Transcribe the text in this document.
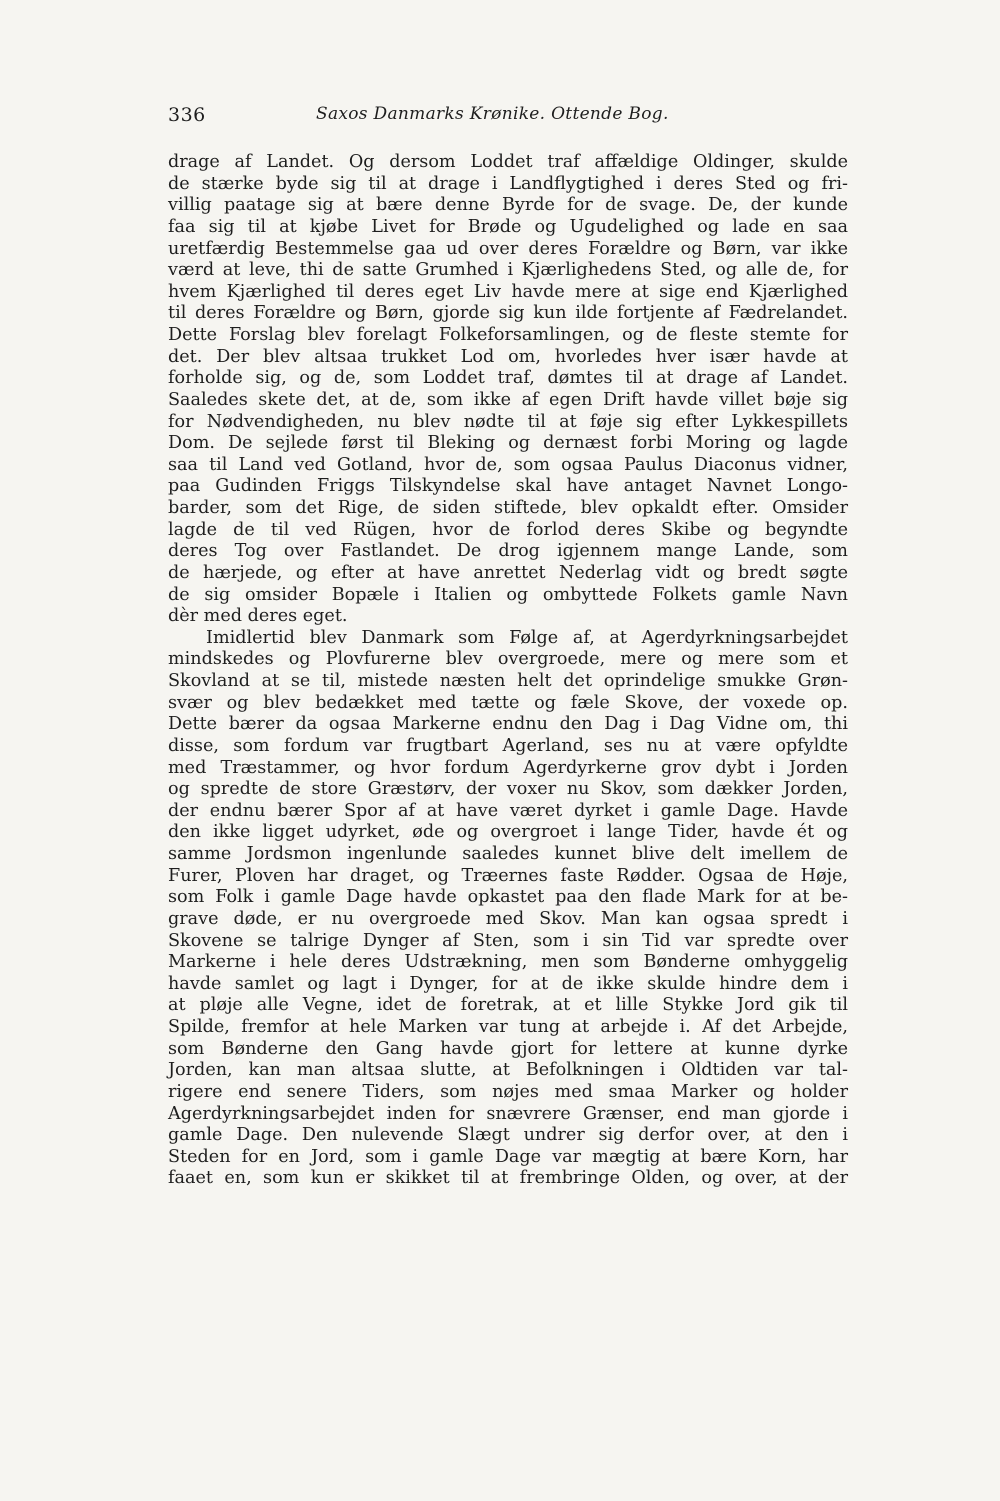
336	Saxos Danmarks Krønike. Ottende Bog.
drage af Landet. Og dersom Loddet traf affældige Oldinger, skulde
de stærke byde sig til at drage i Landflygtighed i deres Sted og fri-
villig paatage sig at bære denne Byrde for de svage. De, der kunde
faa sig til at kjøbe Livet for Brøde og Ugudelighed og lade en saa
uretfærdig Bestemmelse gaa ud over deres Forældre og Børn, var ikke
værd at leve, thi de satte Grumhed i Kjærlighedens Sted, og alle de, for
hvem Kjærlighed til deres eget Liv havde mere at sige end Kjærlighed
til deres Forældre og Børn, gjorde sig kun ilde fortjente af Fædrelandet.
Dette Forslag blev forelagt Folkeforsamlingen, og de fleste stemte for
det. Der blev altsaa trukket Lod om, hvorledes hver især havde at
forholde sig, og de, som Loddet traf, dømtes til at drage af Landet.
Saaledes skete det, at de, som ikke af egen Drift havde villet bøje sig
for Nødvendigheden, nu blev nødte til at føje sig efter Lykkespillets
Dom. De sejlede først til Bleking og dernæst forbi Moring og lagde
saa til Land ved Gotland, hvor de, som ogsaa Paulus Diaconus vidner,
paa Gudinden Friggs Tilskyndelse skal have antaget Navnet Longo-
barder, som det Rige, de siden stiftede, blev opkaldt efter. Omsider
lagde de til ved Rügen, hvor de forlod deres Skibe og begyndte
deres Tog over Fastlandet. De drog igjennem mange Lande, som
de hærjede, og efter at have anrettet Nederlag vidt og bredt søgte
de sig omsider Bopæle i Italien og ombyttede Folkets gamle Navn
dèr med deres eget.
Imidlertid blev Danmark som Følge af, at Agerdyrkningsarbejdet
mindskedes og Plovfurerne blev overgroede, mere og mere som et
Skovland at se til, mistede næsten helt det oprindelige smukke Grøn-
svær og blev bedækket med tætte og fæle Skove, der voxede op.
Dette bærer da ogsaa Markerne endnu den Dag i Dag Vidne om, thi
disse, som fordum var frugtbart Agerland, ses nu at være opfyldte
med Træstammer, og hvor fordum Agerdyrkerne grov dybt i Jorden
og spredte de store Græstørv, der voxer nu Skov, som dækker Jorden,
der endnu bærer Spor af at have været dyrket i gamle Dage. Havde
den ikke ligget udyrket, øde og overgroet i lange Tider, havde ét og
samme Jordsmon ingenlunde saaledes kunnet blive delt imellem de
Furer, Ploven har draget, og Træernes faste Rødder. Ogsaa de Høje,
som Folk i gamle Dage havde opkastet paa den flade Mark for at be-
grave døde, er nu overgroede med Skov. Man kan ogsaa spredt i
Skovene se talrige Dynger af Sten, som i sin Tid var spredte over
Markerne i hele deres Udstrækning, men som Bønderne omhyggelig
havde samlet og lagt i Dynger, for at de ikke skulde hindre dem i
at pløje alle Vegne, idet de foretrak, at et lille Stykke Jord gik til
Spilde, fremfor at hele Marken var tung at arbejde i. Af det Arbejde,
som Bønderne den Gang havde gjort for lettere at kunne dyrke
Jorden, kan man altsaa slutte, at Befolkningen i Oldtiden var tal-
rigere end senere Tiders, som nøjes med smaa Marker og holder
Agerdyrkningsarbejdet inden for snævrere Grænser, end man gjorde i
gamle Dage. Den nulevende Slægt undrer sig derfor over, at den i
Steden for en Jord, som i gamle Dage var mægtig at bære Korn, har
faaet en, som kun er skikket til at frembringe Olden, og over, at der
